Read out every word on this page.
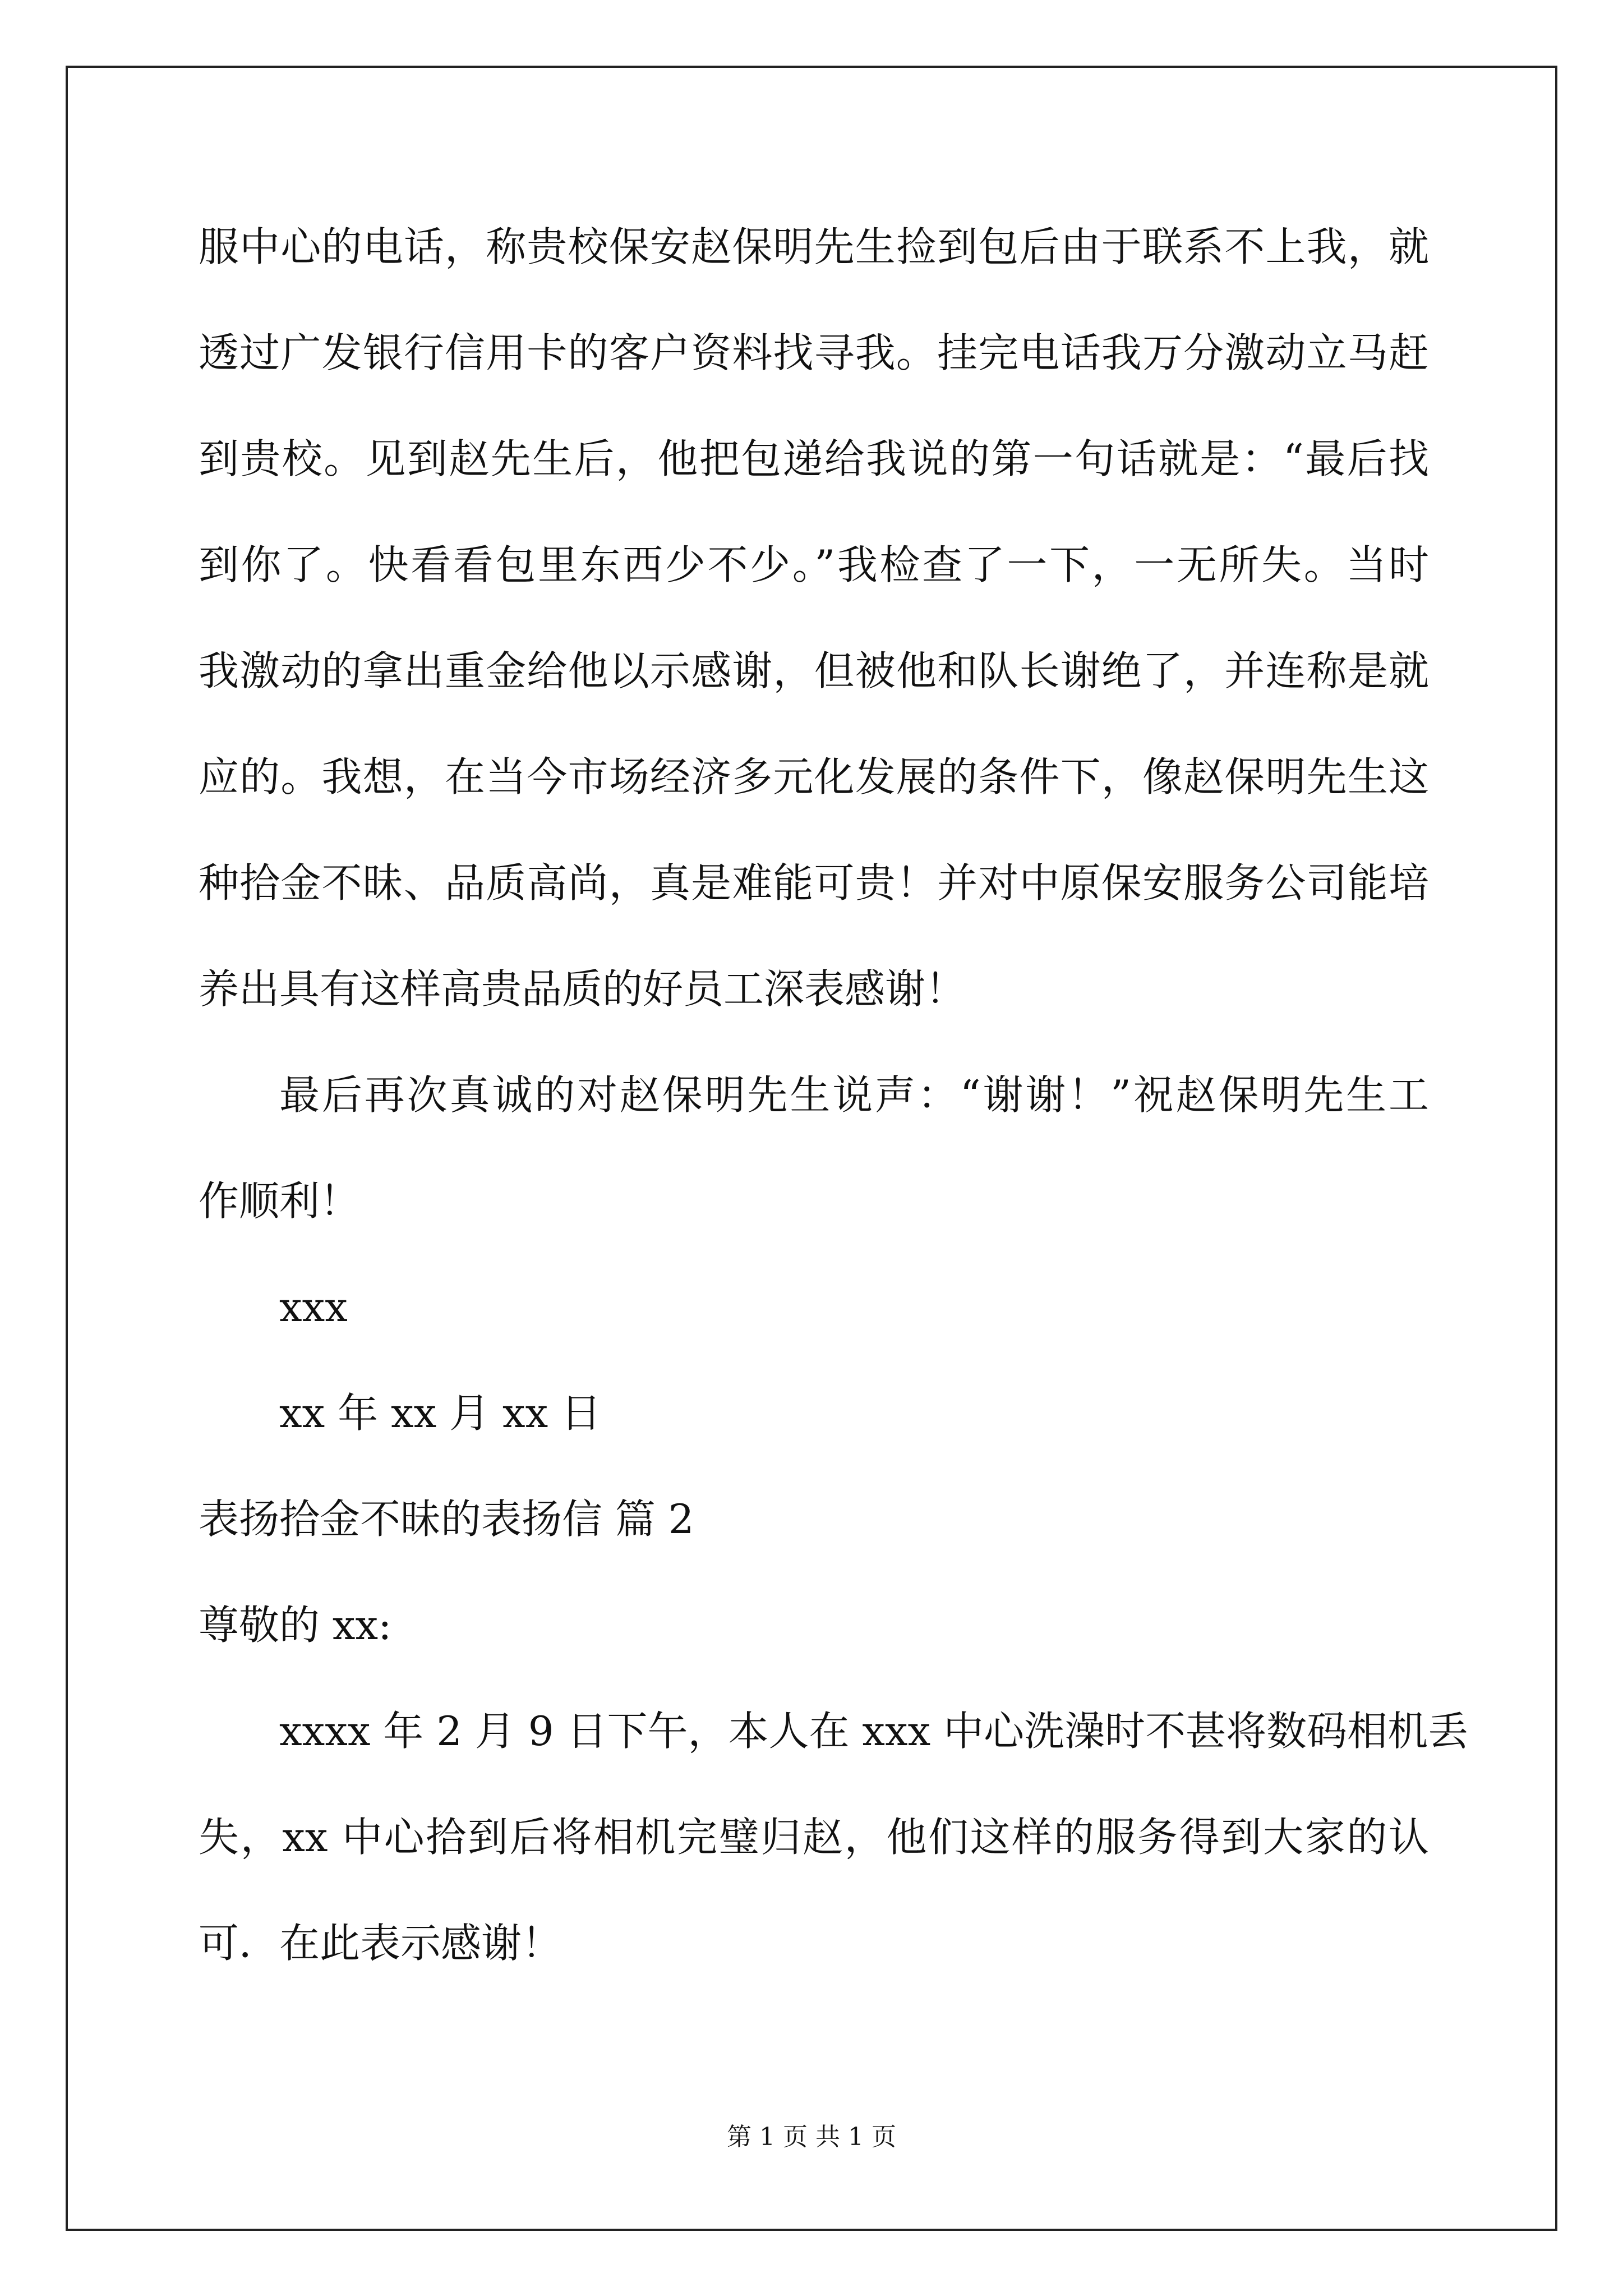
服中心的电话，称贵校保安赵保明先生捡到包后由于联系不上我，就
透过广发银行信用卡的客户资料找寻我。挂完电话我万分激动立马赶
到贵校。见到赵先生后，他把包递给我说的第一句话就是：“最后找
到你了。快看看包里东西少不少。”我检查了一下，一无所失。当时
我激动的拿出重金给他以示感谢，但被他和队长谢绝了，并连称是就
应的。我想，在当今市场经济多元化发展的条件下，像赵保明先生这
种拾金不昧、品质高尚，真是难能可贵！并对中原保安服务公司能培
养出具有这样高贵品质的好员工深表感谢！
最后再次真诚的对赵保明先生说声：“谢谢！”祝赵保明先生工
作顺利！
xxx
xx 年 xx 月 xx 日
表扬拾金不昧的表扬信 篇 2
尊敬的 xx:
xxxx 年 2 月 9 日下午，本人在 xxx 中心洗澡时不甚将数码相机丢
失，xx 中心拾到后将相机完璧归赵，他们这样的服务得到大家的认
可．在此表示感谢！
第 1 页 共 1 页
